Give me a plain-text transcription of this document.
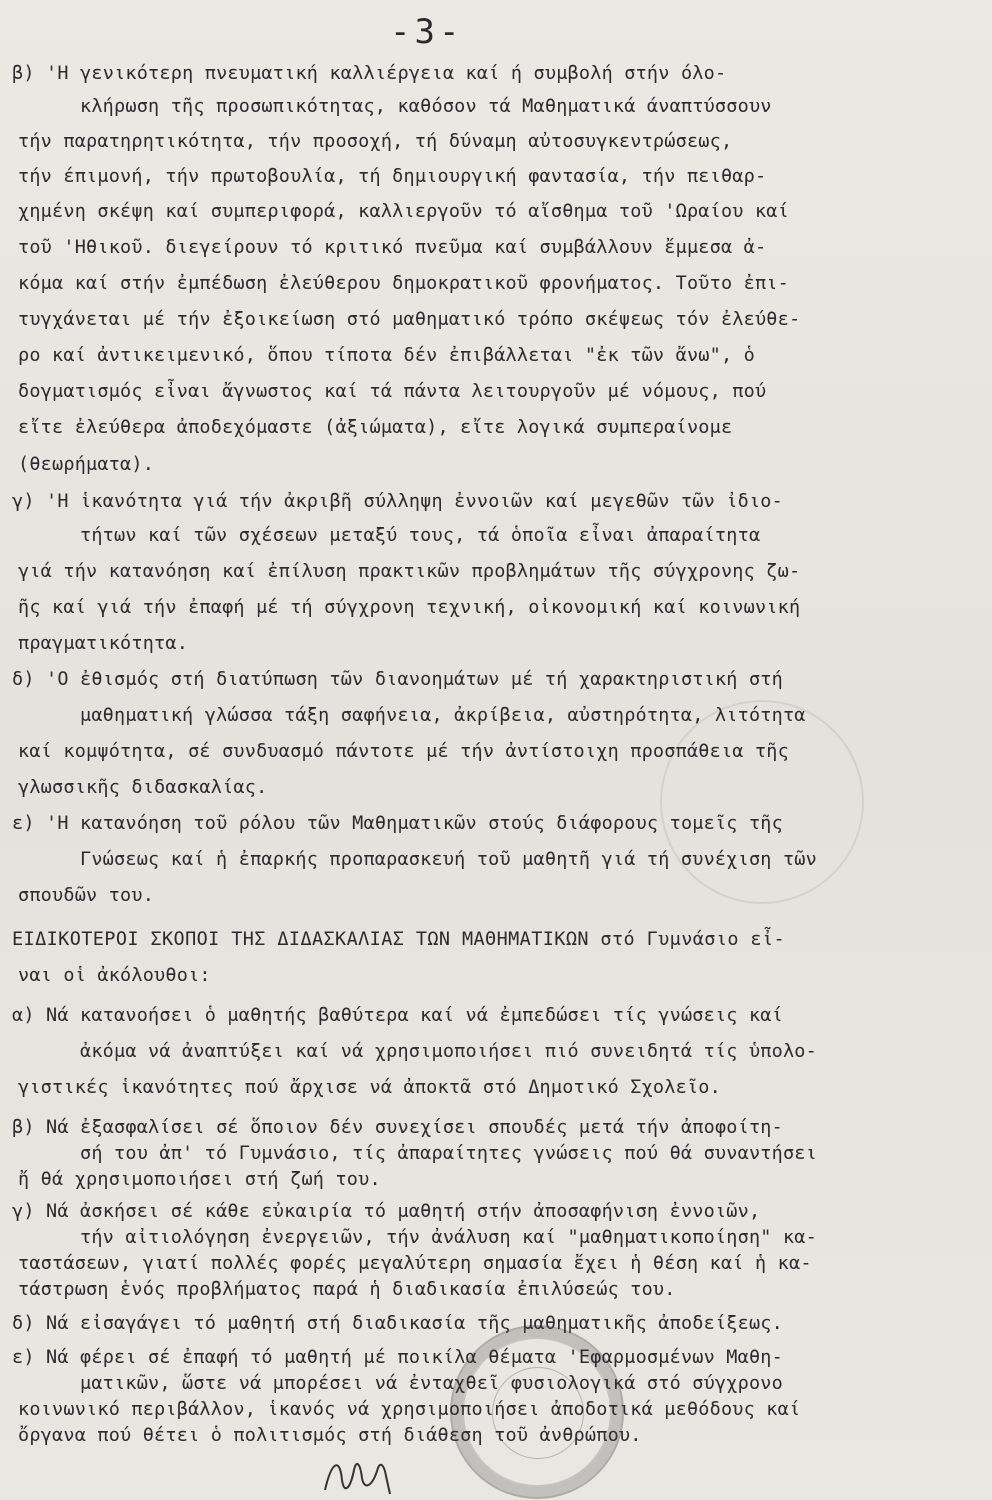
-3-
β) 'Η γενικότερη πνευματική καλλιέργεια καί ή συμβολή στήν όλο-
κλήρωση τῆς προσωπικότητας, καθόσον τά Μαθηματικά άναπτύσσουν
τήν παρατηρητικότητα, τήν προσοχή, τή δύναμη αὐτοσυγκεντρώσεως,
τήν έπιμονή, τήν πρωτοβουλία, τή δημιουργική φαντασία, τήν πειθαρ-
χημένη σκέψη καί συμπεριφορά, καλλιεργοῦν τό αἴσθημα τοῦ 'Ωραίου καί
τοῦ 'Ηθικοῦ. διεγείρουν τό κριτικό πνεῦμα καί συμβάλλουν ἔμμεσα ἀ-
κόμα καί στήν ἐμπέδωση ἐλεύθερου δημοκρατικοῦ φρονήματος. Τοῦτο ἐπι-
τυγχάνεται μέ τήν ἐξοικείωση στό μαθηματικό τρόπο σκέψεως τόν ἐλεύθε-
ρο καί ἀντικειμενικό, ὅπου τίποτα δέν ἐπιβάλλεται "ἐκ τῶν ἄνω", ὁ
δογματισμός εἶναι ἄγνωστος καί τά πάντα λειτουργοῦν μέ νόμους, πού
εἴτε ἐλεύθερα ἀποδεχόμαστε (ἀξιώματα), εἴτε λογικά συμπεραίνομε
(θεωρήματα).
γ) 'Η ἱκανότητα γιά τήν ἀκριβῆ σύλληψη ἐννοιῶν καί μεγεθῶν τῶν ἰδιο-
τήτων καί τῶν σχέσεων μεταξύ τους, τά ὁποῖα εἶναι ἀπαραίτητα
γιά τήν κατανόηση καί ἐπίλυση πρακτικῶν προβλημάτων τῆς σύγχρονης ζω-
ῆς καί γιά τήν ἐπαφή μέ τή σύγχρονη τεχνική, οἰκονομική καί κοινωνική
πραγματικότητα.
δ) 'Ο ἐθισμός στή διατύπωση τῶν διανοημάτων μέ τή χαρακτηριστική στή
μαθηματική γλώσσα τάξη σαφήνεια, ἀκρίβεια, αὐστηρότητα, λιτότητα
καί κομψότητα, σέ συνδυασμό πάντοτε μέ τήν ἀντίστοιχη προσπάθεια τῆς
γλωσσικῆς διδασκαλίας.
ε) 'Η κατανόηση τοῦ ρόλου τῶν Μαθηματικῶν στούς διάφορους τομεῖς τῆς
Γνώσεως καί ἡ ἐπαρκής προπαρασκευή τοῦ μαθητῆ γιά τή συνέχιση τῶν
σπουδῶν του.
ΕΙΔΙΚΟΤΕΡΟΙ ΣΚΟΠΟΙ ΤΗΣ ΔΙΔΑΣΚΑΛΙΑΣ ΤΩΝ ΜΑΘΗΜΑΤΙΚΩΝ στό Γυμνάσιο εἶ-
ναι οἱ ἀκόλουθοι:
α) Νά κατανοήσει ὁ μαθητής βαθύτερα καί νά ἐμπεδώσει τίς γνώσεις καί
ἀκόμα νά ἀναπτύξει καί νά χρησιμοποιήσει πιό συνειδητά τίς ὑπολο-
γιστικές ἱκανότητες πού ἄρχισε νά ἀποκτᾶ στό Δημοτικό Σχολεῖο.
β) Νά ἐξασφαλίσει σέ ὅποιον δέν συνεχίσει σπουδές μετά τήν ἀποφοίτη-
σή του ἀπ' τό Γυμνάσιο, τίς ἀπαραίτητες γνώσεις πού θά συναντήσει
ἤ θά χρησιμοποιήσει στή ζωή του.
γ) Νά ἀσκήσει σέ κάθε εὐκαιρία τό μαθητή στήν ἀποσαφήνιση ἐννοιῶν,
τήν αἰτιολόγηση ἐνεργειῶν, τήν ἀνάλυση καί "μαθηματικοποίηση" κα-
ταστάσεων, γιατί πολλές φορές μεγαλύτερη σημασία ἔχει ἡ θέση καί ἡ κα-
τάστρωση ἑνός προβλήματος παρά ἡ διαδικασία ἐπιλύσεώς του.
δ) Νά εἰσαγάγει τό μαθητή στή διαδικασία τῆς μαθηματικῆς ἀποδείξεως.
ε) Νά φέρει σέ ἐπαφή τό μαθητή μέ ποικίλα θέματα 'Εφαρμοσμένων Μαθη-
ματικῶν, ὥστε νά μπορέσει νά ἐνταχθεῖ φυσιολογικά στό σύγχρονο
κοινωνικό περιβάλλον, ἱκανός νά χρησιμοποιήσει ἀποδοτικά μεθόδους καί
ὄργανα πού θέτει ὁ πολιτισμός στή διάθεση τοῦ ἀνθρώπου.
